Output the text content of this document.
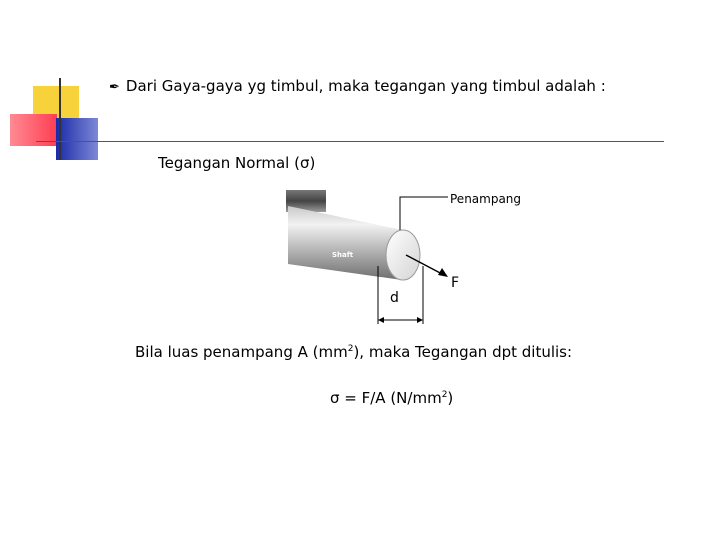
✒ Dari Gaya-gaya yg timbul, maka tegangan yang timbul adalah :
Tegangan Normal (σ)
Shaft
Penampang
F
d
Bila luas penampang A $(mm^2)$, maka Tegangan dpt ditulis:
σ = F/A $(N/mm^2)$
